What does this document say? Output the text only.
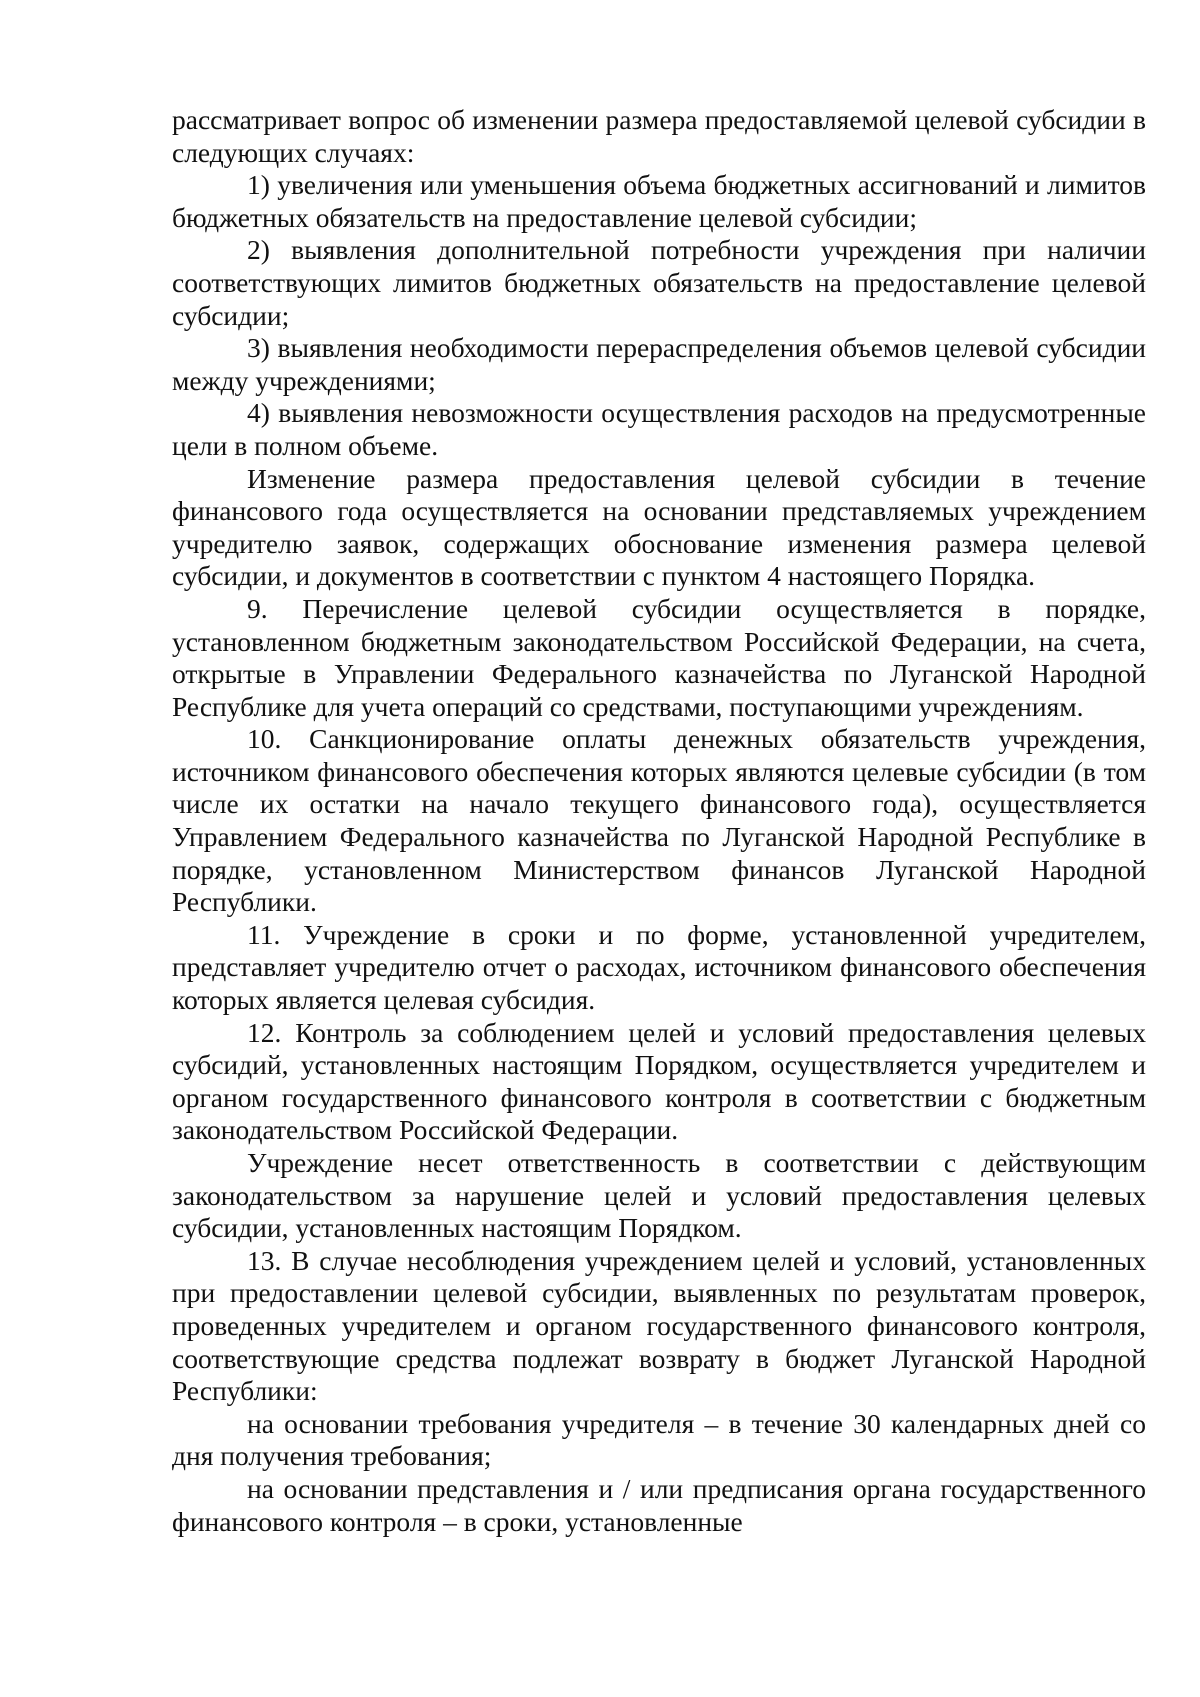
рассматривает вопрос об изменении размера предоставляемой целевой субсидии в следующих случаях:

1) увеличения или уменьшения объема бюджетных ассигнований и лимитов бюджетных обязательств на предоставление целевой субсидии;

2) выявления дополнительной потребности учреждения при наличии соответствующих лимитов бюджетных обязательств на предоставление целевой субсидии;

3) выявления необходимости перераспределения объемов целевой субсидии между учреждениями;

4) выявления невозможности осуществления расходов на предусмотренные цели в полном объеме.

Изменение размера предоставления целевой субсидии в течение финансового года осуществляется на основании представляемых учреждением учредителю заявок, содержащих обоснование изменения размера целевой субсидии, и документов в соответствии с пунктом 4 настоящего Порядка.

9. Перечисление целевой субсидии осуществляется в порядке, установленном бюджетным законодательством Российской Федерации, на счета, открытые в Управлении Федерального казначейства по Луганской Народной Республике для учета операций со средствами, поступающими учреждениям.

10. Санкционирование оплаты денежных обязательств учреждения, источником финансового обеспечения которых являются целевые субсидии (в том числе их остатки на начало текущего финансового года), осуществляется Управлением Федерального казначейства по Луганской Народной Республике в порядке, установленном Министерством финансов Луганской Народной Республики.

11. Учреждение в сроки и по форме, установленной учредителем, представляет учредителю отчет о расходах, источником финансового обеспечения которых является целевая субсидия.

12. Контроль за соблюдением целей и условий предоставления целевых субсидий, установленных настоящим Порядком, осуществляется учредителем и органом государственного финансового контроля в соответствии с бюджетным законодательством Российской Федерации.

Учреждение несет ответственность в соответствии с действующим законодательством за нарушение целей и условий предоставления целевых субсидии, установленных настоящим Порядком.

13. В случае несоблюдения учреждением целей и условий, установленных при предоставлении целевой субсидии, выявленных по результатам проверок, проведенных учредителем и органом государственного финансового контроля, соответствующие средства подлежат возврату в бюджет Луганской Народной Республики:

на основании требования учредителя – в течение 30 календарных дней со дня получения требования;

на основании представления и / или предписания органа государственного финансового контроля – в сроки, установленные
